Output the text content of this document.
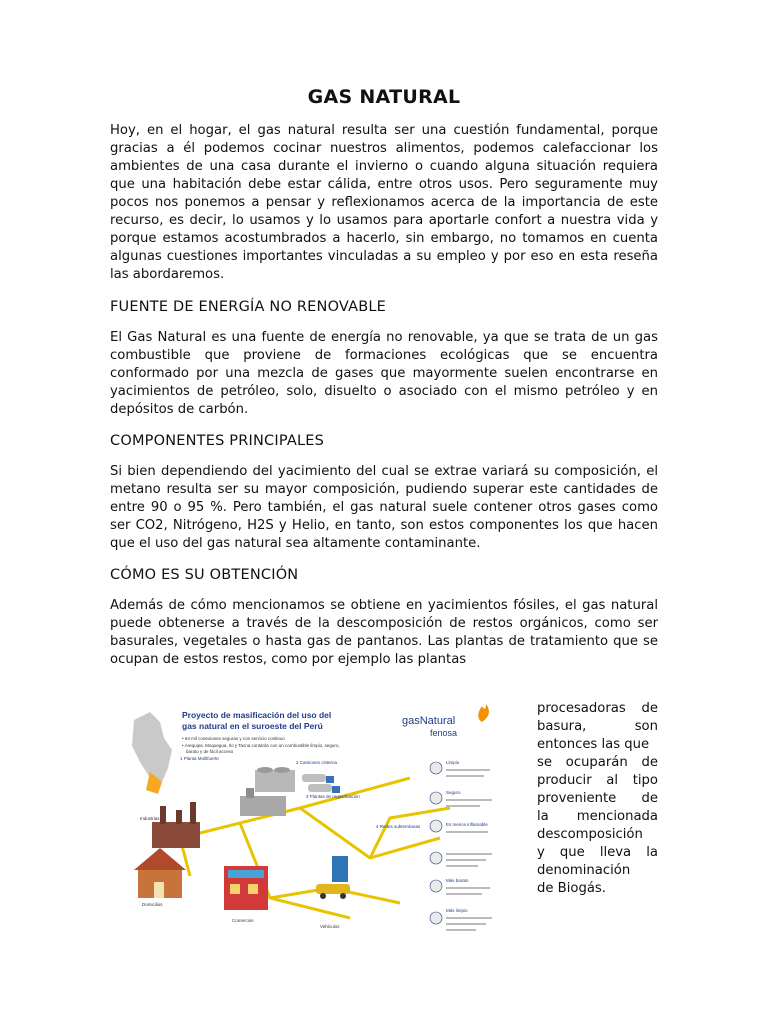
GAS NATURAL

Hoy, en el hogar, el gas natural resulta ser una cuestión fundamental, porque gracias a él podemos cocinar nuestros alimentos, podemos calefaccionar los ambientes de una casa durante el invierno o cuando alguna situación requiera que una habitación debe estar cálida, entre otros usos. Pero seguramente muy pocos nos ponemos a pensar y reflexionamos acerca de la importancia de este recurso, es decir, lo usamos y lo usamos para aportarle confort a nuestra vida y porque estamos acostumbrados a hacerlo, sin embargo, no tomamos en cuenta algunas cuestiones importantes vinculadas a su empleo y por eso en esta reseña las abordaremos.

FUENTE DE ENERGÍA NO RENOVABLE

El Gas Natural es una fuente de energía no renovable, ya que se trata de un gas combustible que proviene de formaciones ecológicas que se encuentra conformado por una mezcla de gases que mayormente suelen encontrarse en yacimientos de petróleo, solo, disuelto o asociado con el mismo petróleo y en depósitos de carbón.

COMPONENTES PRINCIPALES

Si bien dependiendo del yacimiento del cual se extrae variará su composición, el metano resulta ser su mayor composición, pudiendo superar este cantidades de entre 90 o 95 %. Pero también, el gas natural suele contener otros gases como ser CO2, Nitrógeno, H2S y Helio, en tanto, son estos componentes los que hacen que el uso del gas natural sea altamente contaminante.

CÓMO ES SU OBTENCIÓN

Además de cómo mencionamos se obtiene en yacimientos fósiles, el gas natural puede obtenerse a través de la descomposición de restos orgánicos, como ser basurales, vegetales o hasta gas de pantanos. Las plantas de tratamiento que se ocupan de estos restos, como por ejemplo las plantas

Proyecto de masificación del uso del
gas natural en el suroeste del Perú
• 64 mil conexiones seguras y con servicio continuo
• Arequipa, Moquegua, Ilo y Tacna contarán con un combustible limpio, seguro,
barato y de fácil acceso
gasNatural
fenosa
Industrias
Domicilios
Comercios
Vehículos
1 Planta Multifuerte
2 Camiones cisterna
3 Plantas de regasificación
4 Redes subterráneas
Limpio
Seguro
Es menos inflamable
Más barato
Más limpio
procesadoras de
basura,	son
entonces las que
se ocuparán de
producir al tipo
proveniente de
la mencionada
descomposición
y que lleva la
denominación
de Biogás.
